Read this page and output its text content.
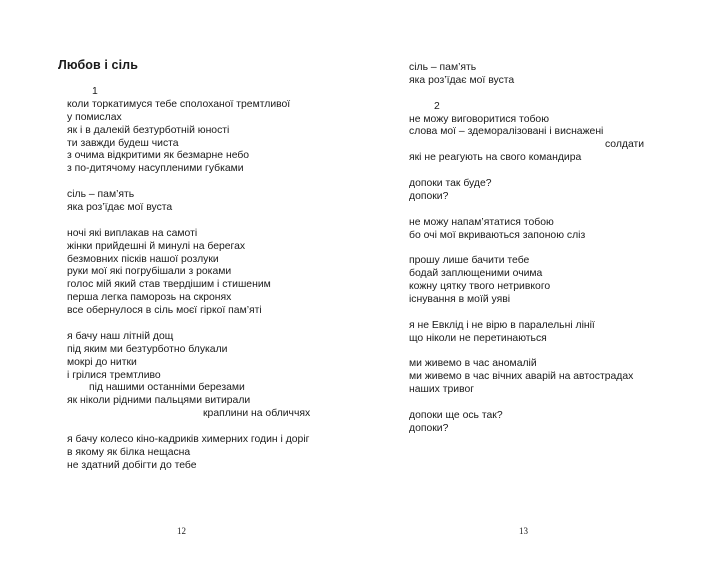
Любов і сіль
1
коли торкатимуся тебе сполоханої тремтливої
у помислах
як і в далекій безтурботній юності
ти завжди будеш чиста
з очима відкритими як безмарне небо
з по-дитячому насупленими губками
сіль – пам’ять
яка роз’їдає мої вуста
ночі які виплакав на самоті
жінки прийдешні й минулі на берегах
безмовних пісків нашої розлуки
руки мої які погрубішали з роками
голос мій який став твердішим і стишеним
перша легка паморозь на скронях
все обернулося в сіль моєї гіркої пам’яті
я бачу наш літній дощ
під яким ми безтурботно блукали
мокрі до нитки
і грілися тремтливо
під нашими останніми березами
як ніколи рідними пальцями витирали
краплини на обличчях
я бачу колесо кіно-кадриків химерних годин і доріг
в якому як білка нещасна
не здатний добігти до тебе
12
сіль – пам’ять
яка роз’їдає мої вуста
2
не можу виговоритися тобою
слова мої – здеморалізовані і виснажені
солдати
які не реагують на свого командира
допоки так буде?
допоки?
не можу напам’ятатися тобою
бо очі мої вкриваються запоною сліз
прошу лише бачити тебе
бодай заплющеними очима
кожну цятку твого нетривкого
існування в моїй уяві
я не Евклід і не вірю в паралельні лінії
що ніколи не перетинаються
ми живемо в час аномалій
ми живемо в час вічних аварій на автострадах
наших тривог
допоки ще ось так?
допоки?
13
